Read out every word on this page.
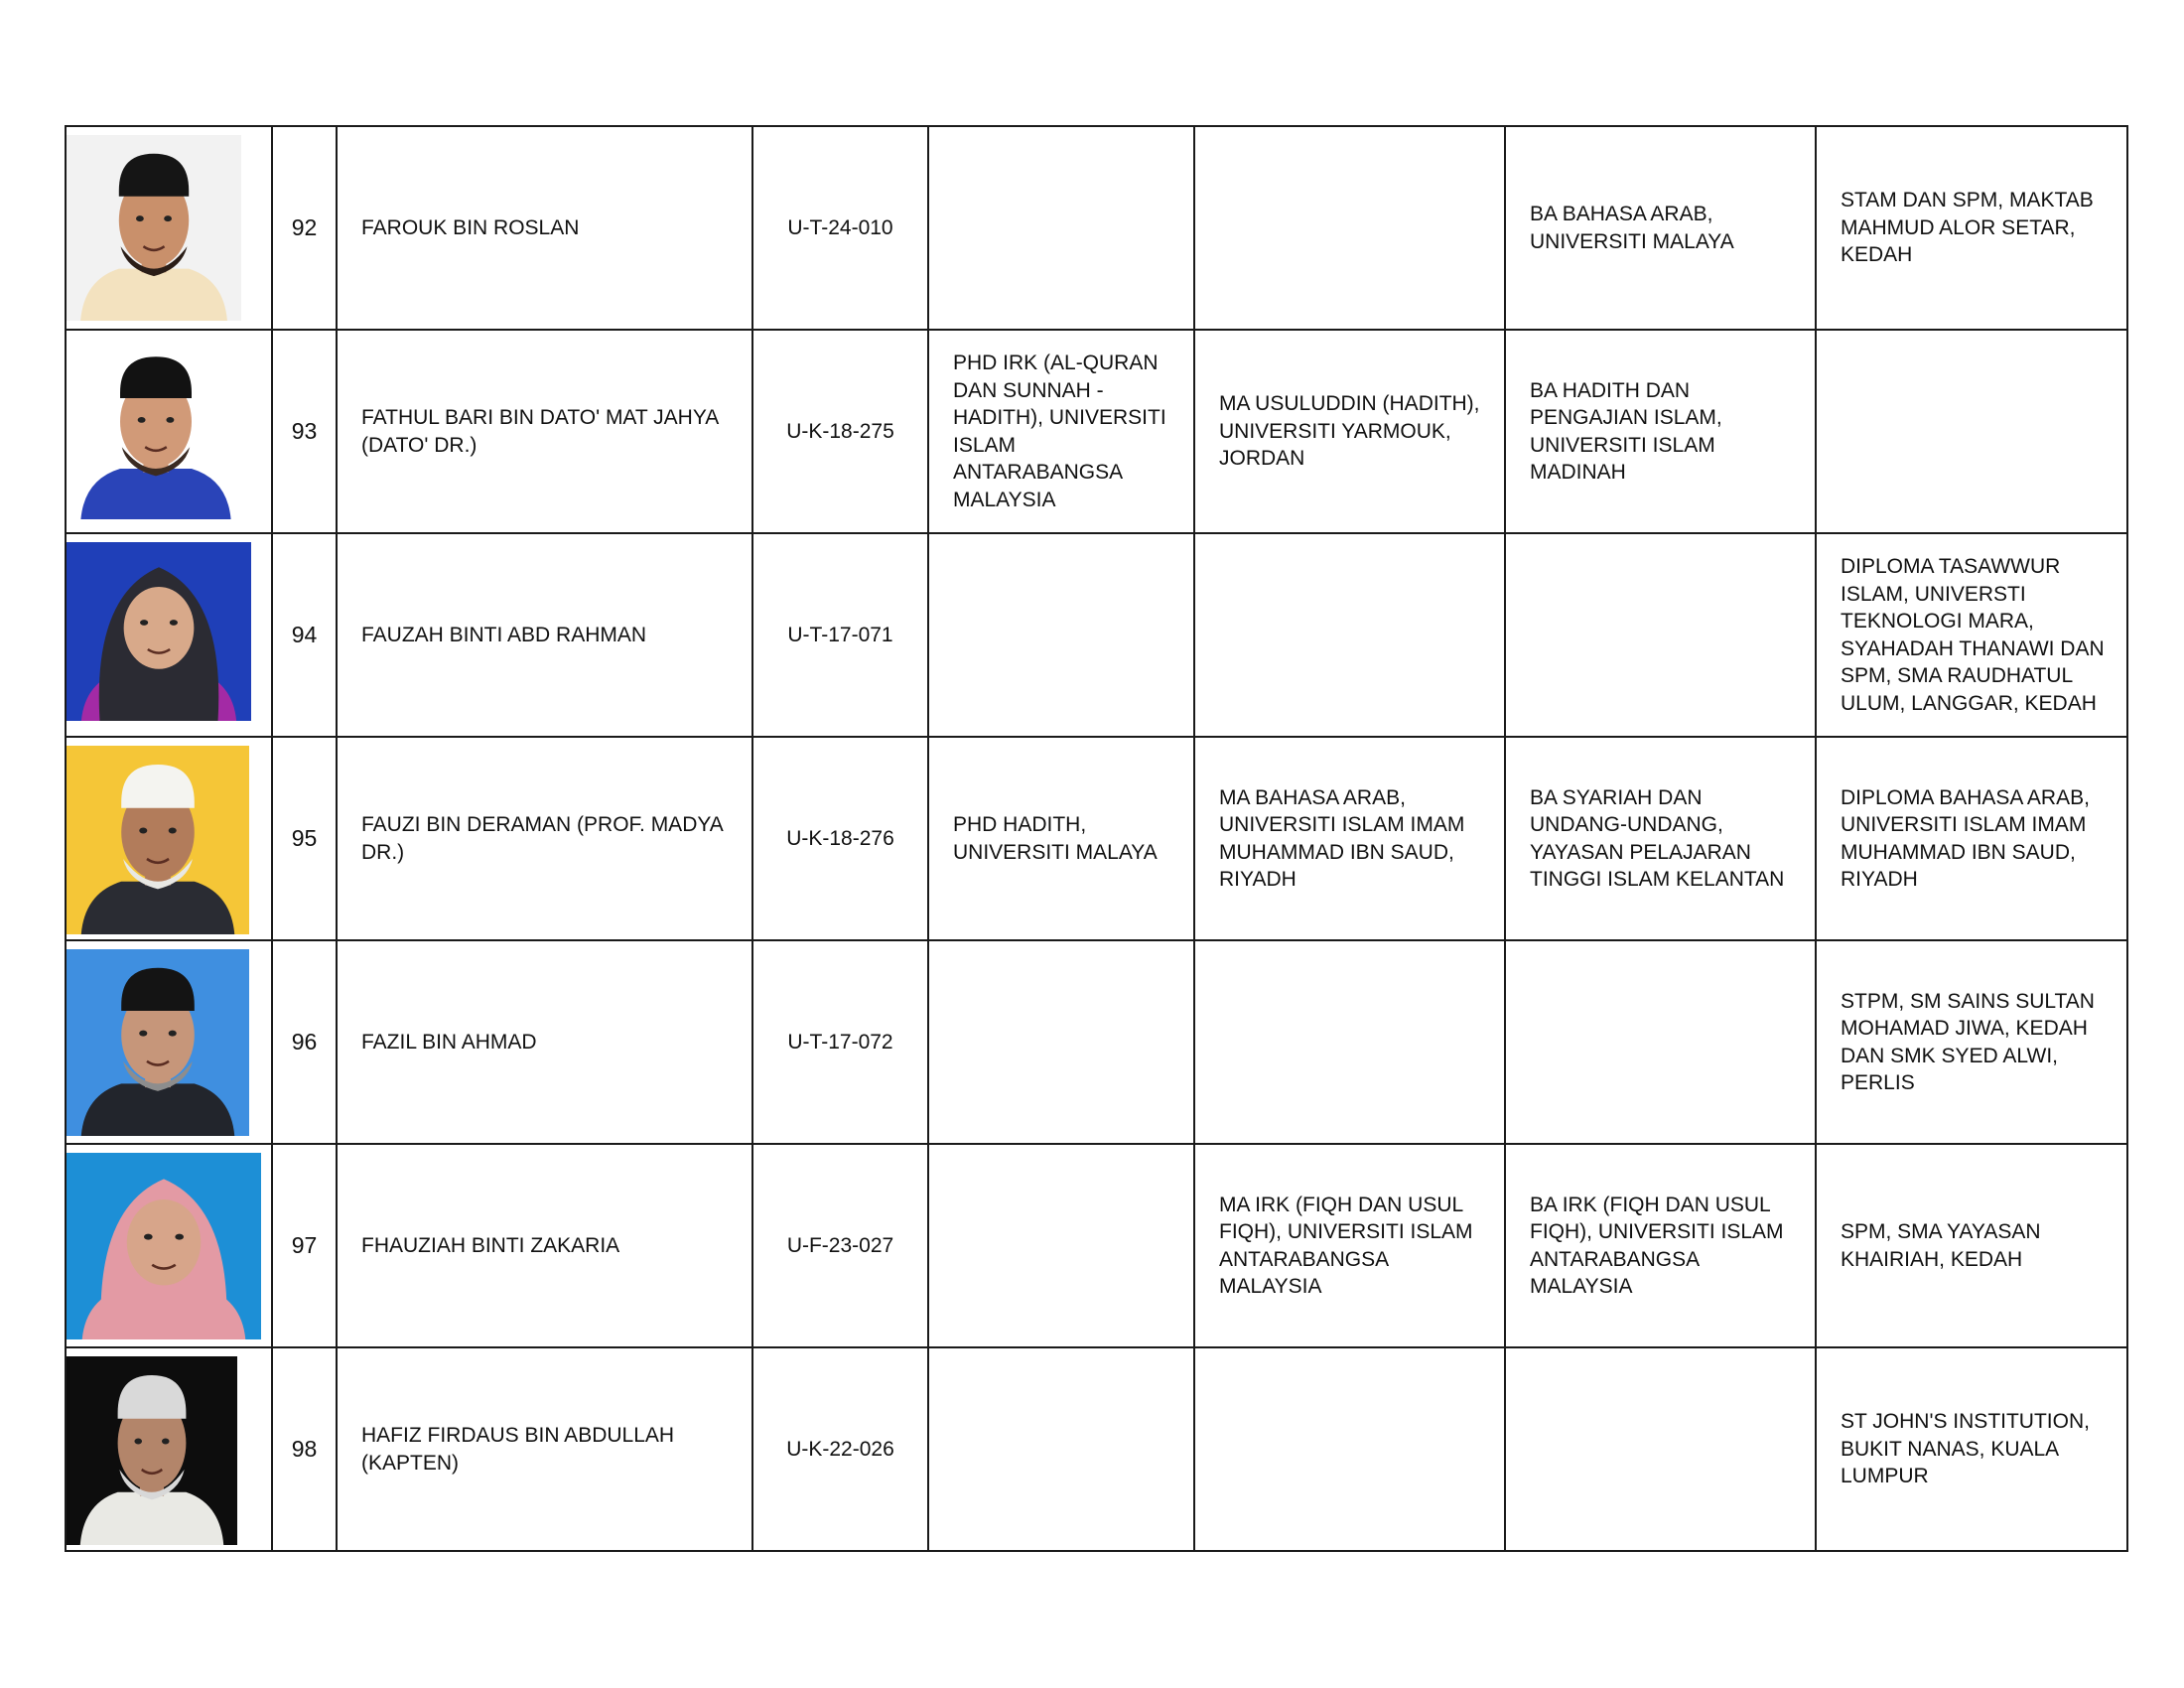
	92	FAROUK BIN ROSLAN	U-T-24-010			BA BAHASA ARAB, UNIVERSITI MALAYA	STAM DAN SPM, MAKTAB MAHMUD ALOR SETAR, KEDAH

	93	FATHUL BARI BIN DATO' MAT JAHYA (DATO' DR.)	U-K-18-275	PHD IRK (AL-QURAN DAN SUNNAH - HADITH), UNIVERSITI ISLAM ANTARABANGSA MALAYSIA	MA USULUDDIN (HADITH), UNIVERSITI YARMOUK, JORDAN	BA HADITH DAN PENGAJIAN ISLAM, UNIVERSITI ISLAM MADINAH	

	94	FAUZAH BINTI ABD RAHMAN	U-T-17-071				DIPLOMA TASAWWUR ISLAM, UNIVERSTI TEKNOLOGI MARA, SYAHADAH THANAWI DAN SPM, SMA RAUDHATUL ULUM, LANGGAR, KEDAH

	95	FAUZI BIN DERAMAN (PROF. MADYA DR.)	U-K-18-276	PHD HADITH, UNIVERSITI MALAYA	MA BAHASA ARAB, UNIVERSITI ISLAM IMAM MUHAMMAD IBN SAUD, RIYADH	BA SYARIAH DAN UNDANG-UNDANG, YAYASAN PELAJARAN TINGGI ISLAM KELANTAN	DIPLOMA BAHASA ARAB, UNIVERSITI ISLAM IMAM MUHAMMAD IBN SAUD, RIYADH

	96	FAZIL BIN AHMAD	U-T-17-072				STPM, SM SAINS SULTAN MOHAMAD JIWA, KEDAH DAN SMK SYED ALWI, PERLIS

	97	FHAUZIAH BINTI ZAKARIA	U-F-23-027		MA IRK (FIQH DAN USUL FIQH), UNIVERSITI ISLAM ANTARABANGSA MALAYSIA	BA IRK (FIQH DAN USUL FIQH), UNIVERSITI ISLAM ANTARABANGSA MALAYSIA	SPM, SMA YAYASAN KHAIRIAH, KEDAH

	98	HAFIZ FIRDAUS BIN ABDULLAH (KAPTEN)	U-K-22-026				ST JOHN'S INSTITUTION, BUKIT NANAS, KUALA LUMPUR
